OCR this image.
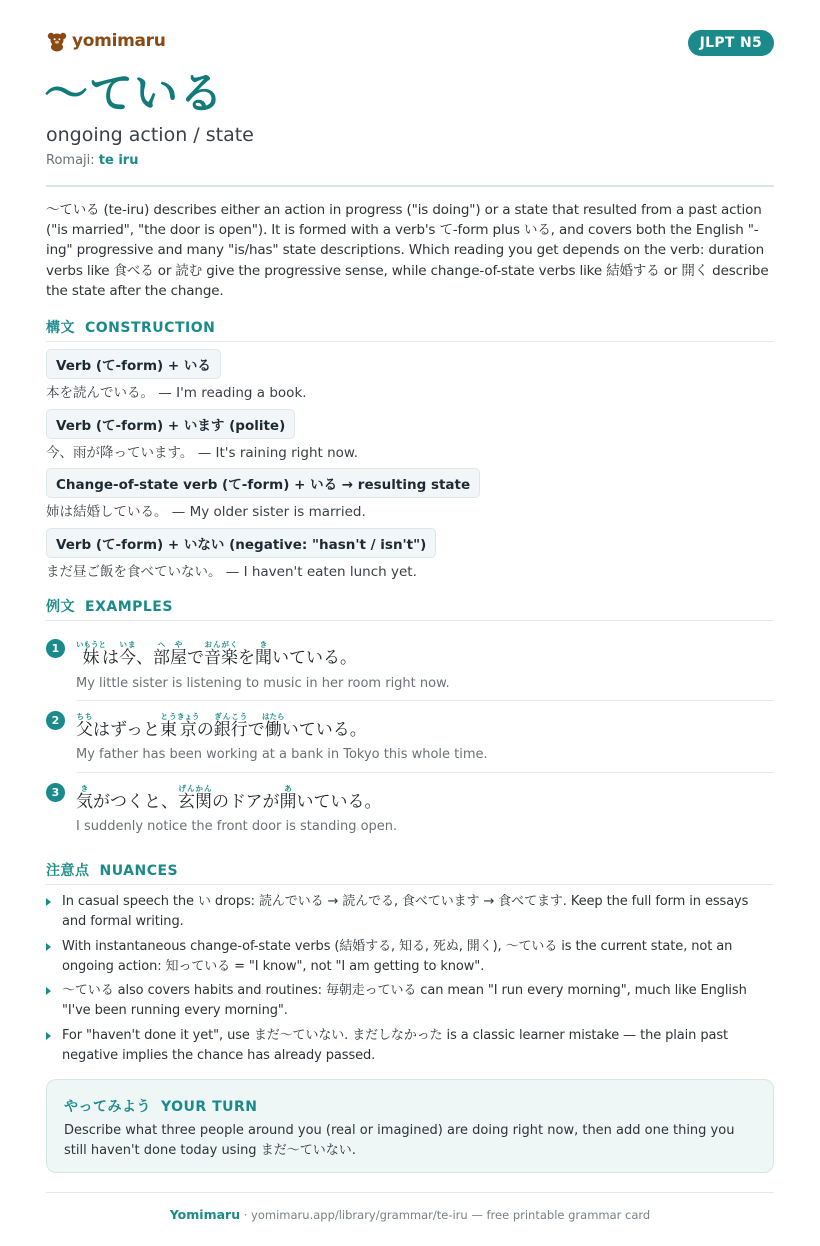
yomimaru	JLPT N5
〜ている
ongoing action / state
Romaji: te iru
〜ている (te-iru) describes either an action in progress ("is doing") or a state that resulted from a past action ("is married", "the door is open"). It is formed with a verb's て-form plus いる, and covers both the English "-ing" progressive and many "is/has" state descriptions. Which reading you get depends on the verb: duration verbs like 食べる or 読む give the progressive sense, while change-of-state verbs like 結婚する or 開く describe the state after the change.
構文 CONSTRUCTION
Verb (て-form) + いる
本を読んでいる。 — I'm reading a book.
Verb (て-form) + います (polite)
今、雨が降っています。 — It's raining right now.
Change-of-state verb (て-form) + いる → resulting state
姉は結婚している。 — My older sister is married.
Verb (て-form) + いない (negative: "hasn't / isn't")
まだ昼ご飯を食べていない。 — I haven't eaten lunch yet.
例文 EXAMPLES
1 妹いもうとは今いま、部へ屋やで音楽おんがくを聞きいている。
My little sister is listening to music in her room right now.
2 父ちちはずっと東とう京きょうの銀行ぎんこうで働はたらいている。
My father has been working at a bank in Tokyo this whole time.
3 気きがつくと、玄関げんかんのドアが開あいている。
I suddenly notice the front door is standing open.
注意点 NUANCES
In casual speech the い drops: 読んでいる → 読んでる, 食べています → 食べてます. Keep the full form in essays and formal writing.
With instantaneous change-of-state verbs (結婚する, 知る, 死ぬ, 開く), 〜ている is the current state, not an ongoing action: 知っている = "I know", not "I am getting to know".
〜ている also covers habits and routines: 毎朝走っている can mean "I run every morning", much like English "I've been running every morning".
For "haven't done it yet", use まだ〜ていない. まだしなかった is a classic learner mistake — the plain past negative implies the chance has already passed.
やってみよう YOUR TURN
Describe what three people around you (real or imagined) are doing right now, then add one thing you still haven't done today using まだ〜ていない.
Yomimaru · yomimaru.app/library/grammar/te-iru — free printable grammar card
